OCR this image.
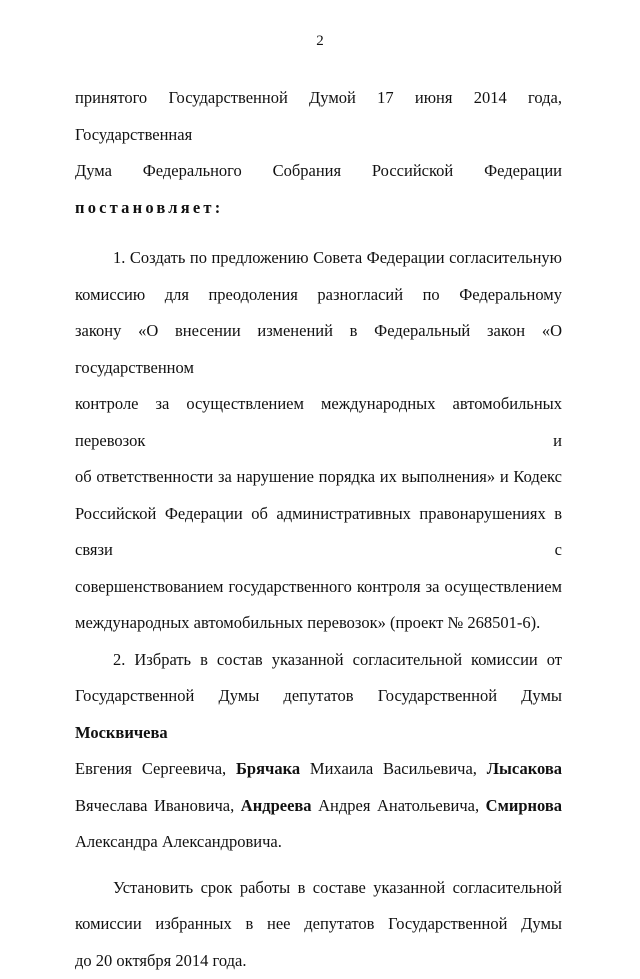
2
принятого Государственной Думой 17 июня 2014 года, Государственная
Дума Федерального Собрания Российской Федерации
постановляет:
1. Создать по предложению Совета Федерации согласительную
комиссию для преодоления разногласий по Федеральному
закону «О внесении изменений в Федеральный закон «О государственном
контроле за осуществлением международных автомобильных перевозок и
об ответственности за нарушение порядка их выполнения» и Кодекс
Российской Федерации об административных правонарушениях в связи с
совершенствованием государственного контроля за осуществлением
международных автомобильных перевозок» (проект № 268501-6).
2. Избрать в состав указанной согласительной комиссии от
Государственной Думы депутатов Государственной Думы Москвичева
Евгения Сергеевича, Брячака Михаила Васильевича, Лысакова
Вячеслава Ивановича, Андреева Андрея Анатольевича, Смирнова
Александра Александровича.
Установить срок работы в составе указанной согласительной
комиссии избранных в нее депутатов Государственной Думы
до 20 октября 2014 года.
